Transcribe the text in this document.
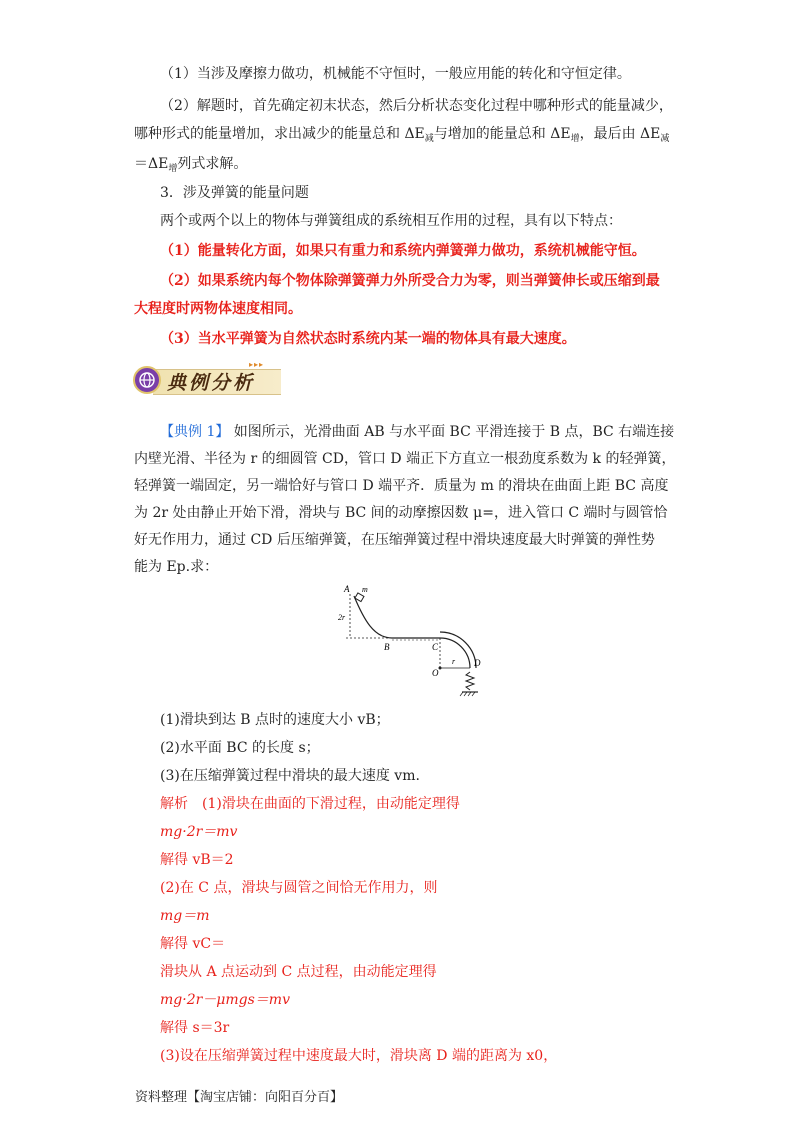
（1）当涉及摩擦力做功，机械能不守恒时，一般应用能的转化和守恒定律。
（2）解题时，首先确定初末状态，然后分析状态变化过程中哪种形式的能量减少，
哪种形式的能量增加，求出减少的能量总和 $\Delta E_减$与增加的能量总和 $\Delta E_增$，最后由 $\Delta E_减$
$=\Delta E_增$列式求解。
3．涉及弹簧的能量问题
两个或两个以上的物体与弹簧组成的系统相互作用的过程，具有以下特点：
（1）能量转化方面，如果只有重力和系统内弹簧弹力做功，系统机械能守恒。
（2）如果系统内每个物体除弹簧弹力外所受合力为零，则当弹簧伸长或压缩到最
大程度时两物体速度相同。
（3）当水平弹簧为自然状态时系统内某一端的物体具有最大速度。
典例分析
▸▸▸
【典例 1】 如图所示，光滑曲面 AB 与水平面 BC 平滑连接于 B 点，BC 右端连接
内壁光滑、半径为 r 的细圆管 CD，管口 D 端正下方直立一根劲度系数为 k 的轻弹簧，
轻弹簧一端固定，另一端恰好与管口 D 端平齐．质量为 m 的滑块在曲面上距 BC 高度
为 2r 处由静止开始下滑，滑块与 BC 间的动摩擦因数 μ=，进入管口 C 端时与圆管恰
好无作用力，通过 CD 后压缩弹簧，在压缩弹簧过程中滑块速度最大时弹簧的弹性势
能为 Ep.求：
A m
2r
B	C
D
O
r
(1)滑块到达 B 点时的速度大小 vB；
(2)水平面 BC 的长度 s；
(3)在压缩弹簧过程中滑块的最大速度 vm.
解析　(1)滑块在曲面的下滑过程，由动能定理得
mg·2r＝mv
解得 vB＝2
(2)在 C 点，滑块与圆管之间恰无作用力，则
mg＝m
解得 vC＝
滑块从 A 点运动到 C 点过程，由动能定理得
mg·2r－μmgs＝mv
解得 s＝3r
(3)设在压缩弹簧过程中速度最大时，滑块离 D 端的距离为 x0，
资料整理【淘宝店铺：向阳百分百】
